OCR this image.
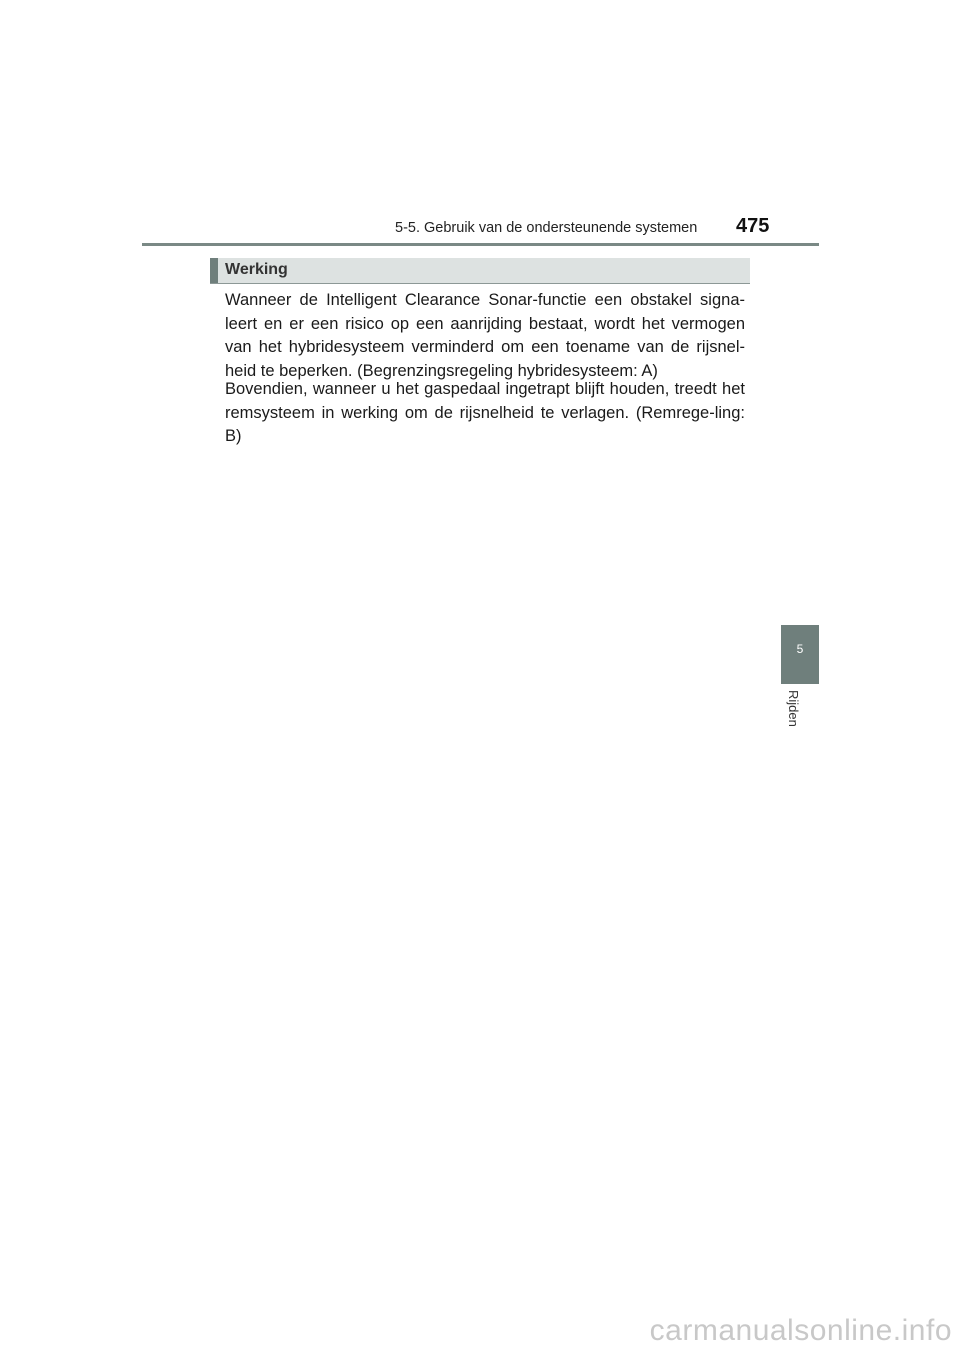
5-5. Gebruik van de ondersteunende systemen 475
Werking

Wanneer de Intelligent Clearance Sonar-functie een obstakel signa-leert en er een risico op een aanrijding bestaat, wordt het vermogen van het hybridesysteem verminderd om een toename van de rijsnel-heid te beperken. (Begrenzingsregeling hybridesysteem: A)

Bovendien, wanneer u het gaspedaal ingetrapt blijft houden, treedt het remsysteem in werking om de rijsnelheid te verlagen. (Remrege-ling: B)

5
Rijden
carmanualsonline.info
